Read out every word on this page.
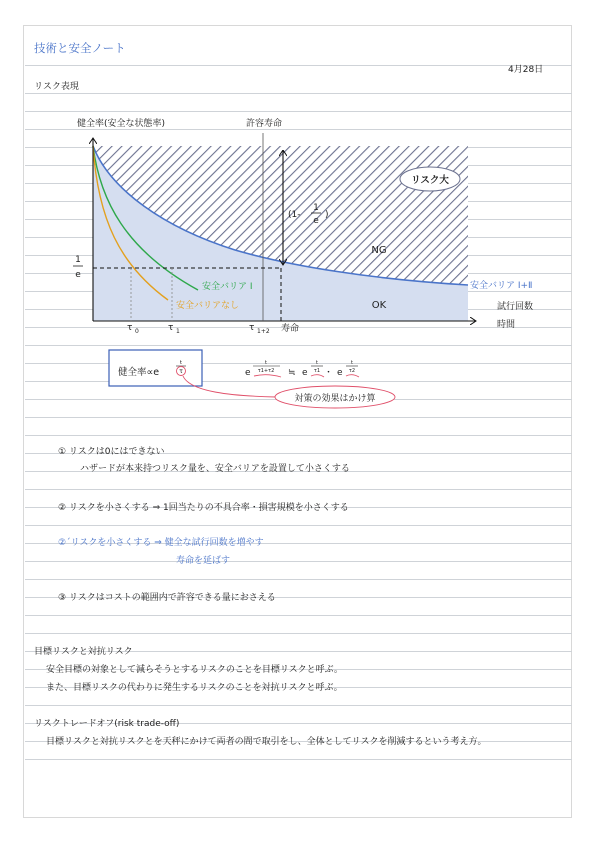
技術と安全ノート
4月28日
リスク表現
リスク大
健全率(安全な状態率)	許容寿命
(1-
1
e
)
NG
OK
1
e
安全バリア Ⅰ
安全バリアなし
安全バリア Ⅰ+Ⅱ
試行回数
時間
寿命
τ 0	τ 1	τ 1+2
健全率∝e
t
τ	e
t
τ1+τ2 ≒ e
t
τ1 ・ e
t
τ2
対策の効果はかけ算
① リスクは0にはできない
ハザードが本来持つリスク量を、安全バリアを設置して小さくする
② リスクを小さくする ⇒ 1回当たりの不具合率・損害規模を小さくする
②´リスクを小さくする ⇒ 健全な試行回数を増やす
寿命を延ばす
③ リスクはコストの範囲内で許容できる量におさえる
目標リスクと対抗リスク
安全目標の対象として減らそうとするリスクのことを目標リスクと呼ぶ。
また、目標リスクの代わりに発生するリスクのことを対抗リスクと呼ぶ。
リスクトレードオフ(risk trade-off)
目標リスクと対抗リスクとを天秤にかけて両者の間で取引をし、全体としてリスクを削減するという考え方。
